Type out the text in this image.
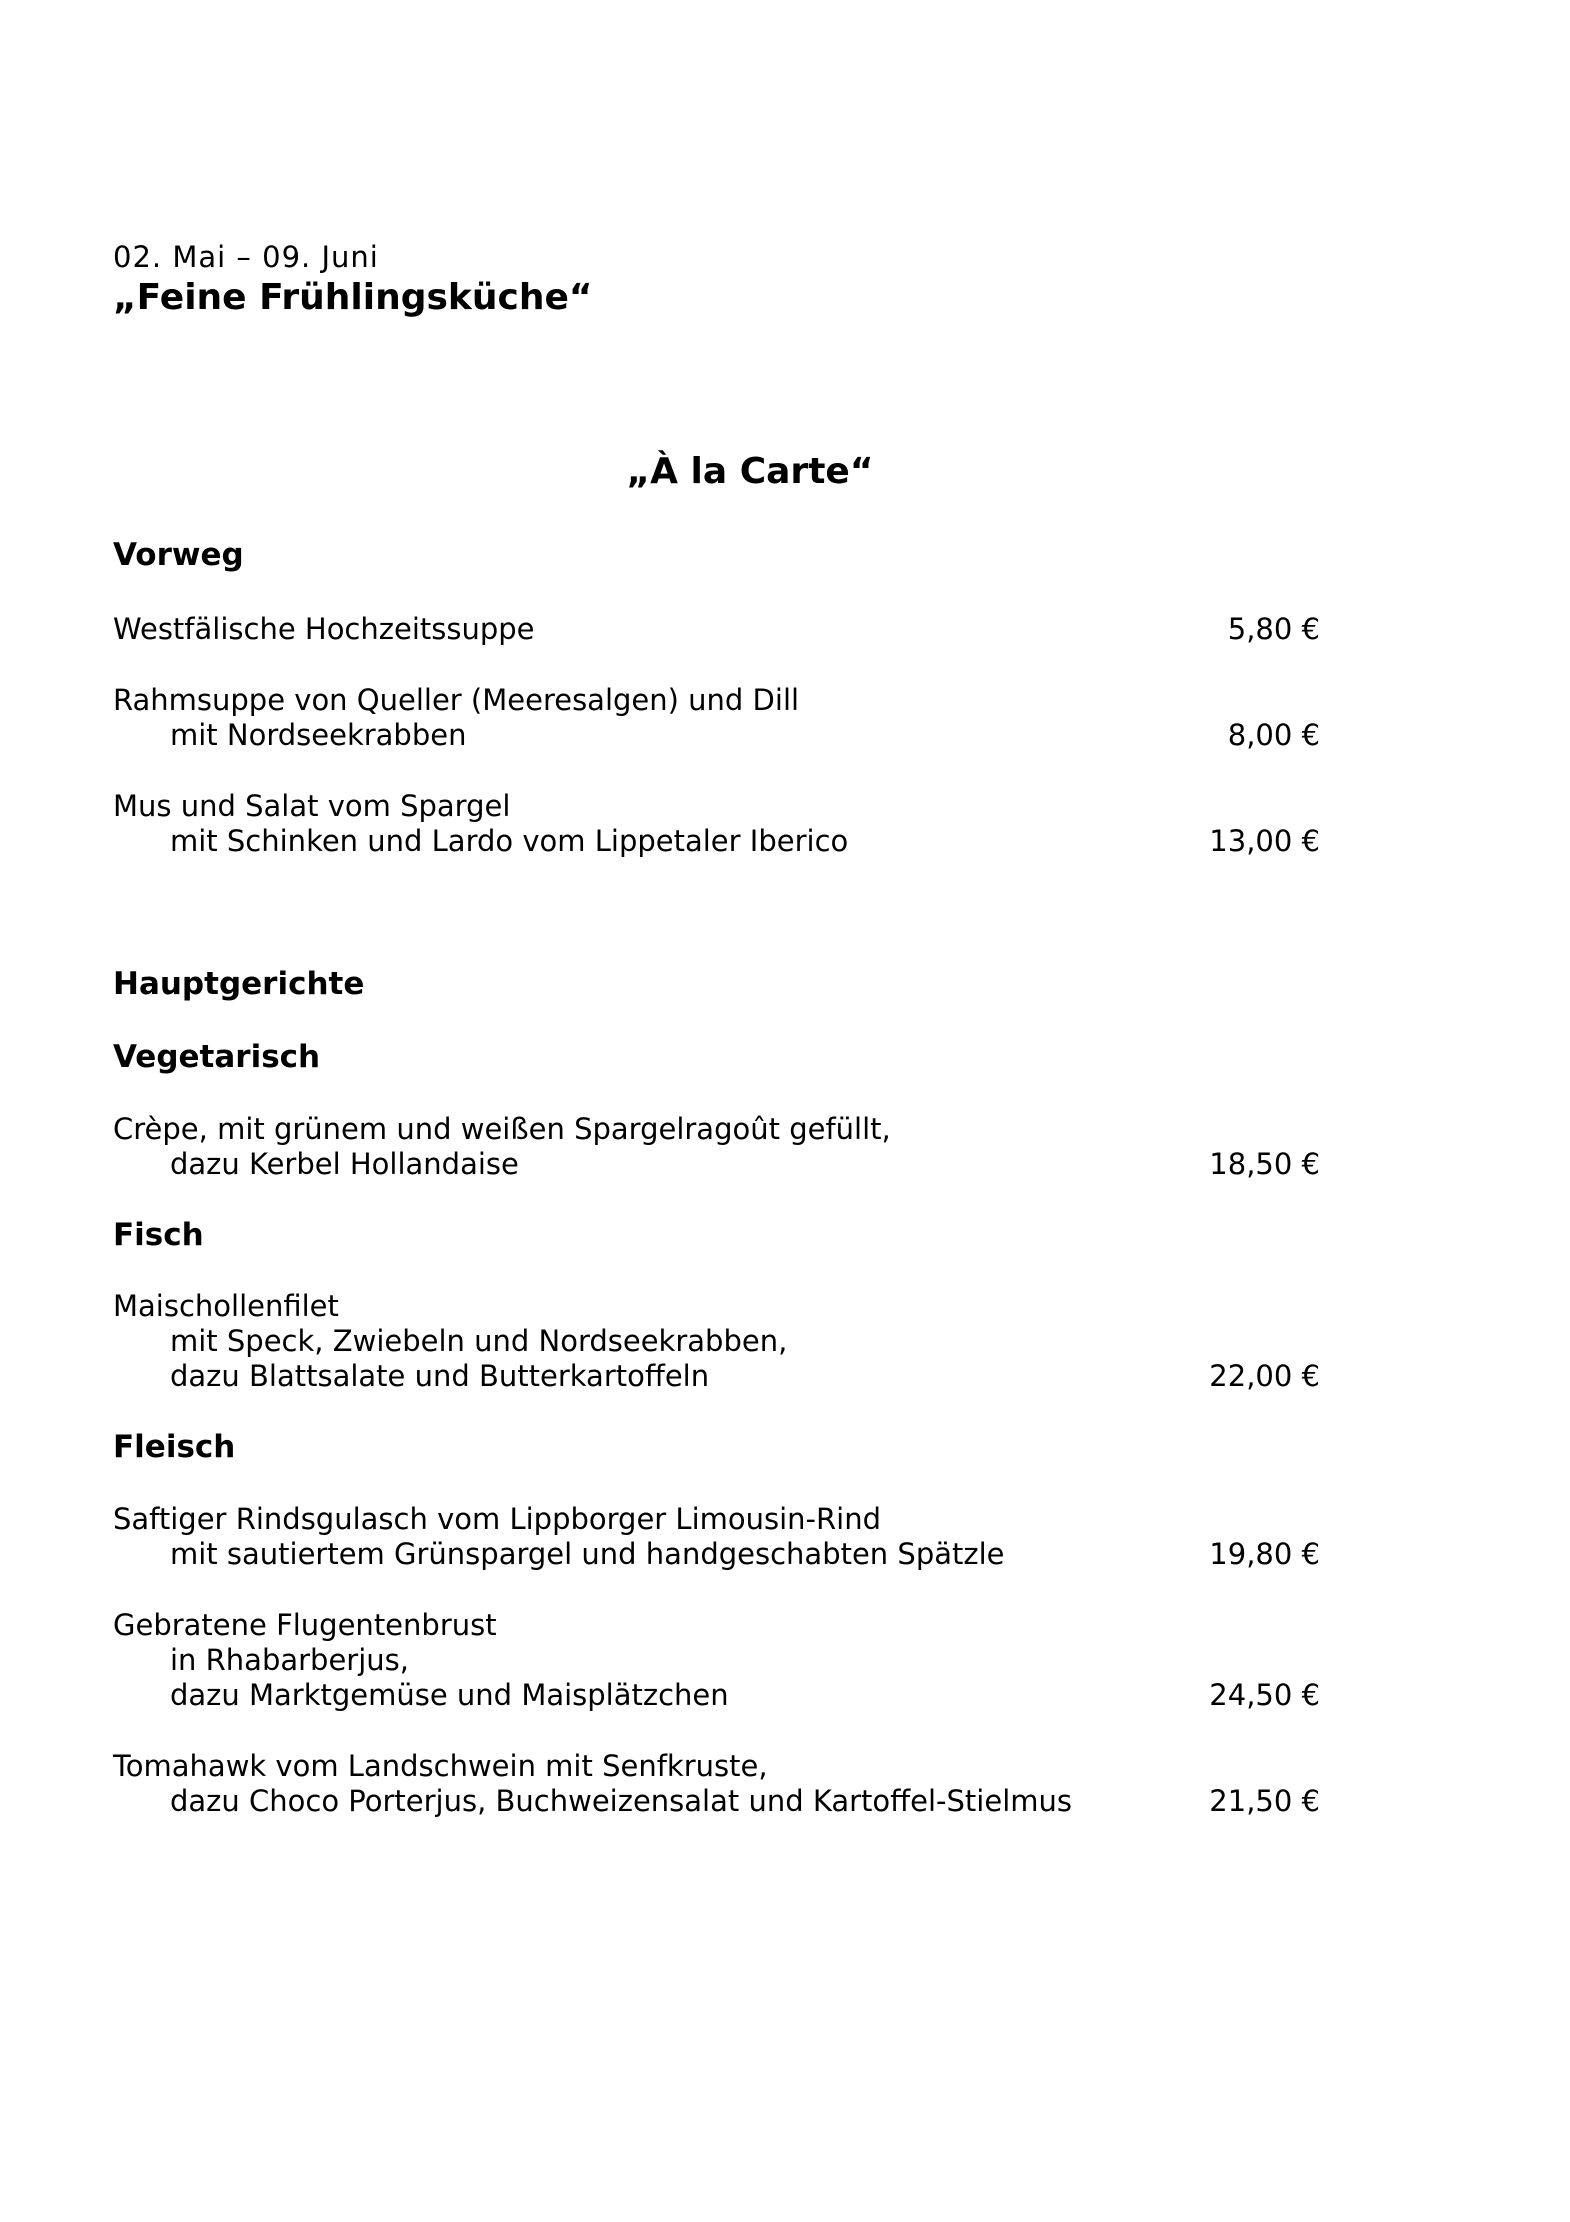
02. Mai – 09. Juni
„Feine Frühlingsküche“
„À la Carte“
Vorweg
Westfälische Hochzeitssuppe	5,80 €
Rahmsuppe von Queller (Meeresalgen) und Dill
mit Nordseekrabben	8,00 €
Mus und Salat vom Spargel
mit Schinken und Lardo vom Lippetaler Iberico	13,00 €
Hauptgerichte
Vegetarisch
Crèpe, mit grünem und weißen Spargelragoût gefüllt,
dazu Kerbel Hollandaise	18,50 €
Fisch
Maischollenfilet
mit Speck, Zwiebeln und Nordseekrabben,
dazu Blattsalate und Butterkartoffeln	22,00 €
Fleisch
Saftiger Rindsgulasch vom Lippborger Limousin-Rind
mit sautiertem Grünspargel und handgeschabten Spätzle	19,80 €
Gebratene Flugentenbrust
in Rhabarberjus,
dazu Marktgemüse und Maisplätzchen	24,50 €
Tomahawk vom Landschwein mit Senfkruste,
dazu Choco Porterjus, Buchweizensalat und Kartoffel-Stielmus	21,50 €
